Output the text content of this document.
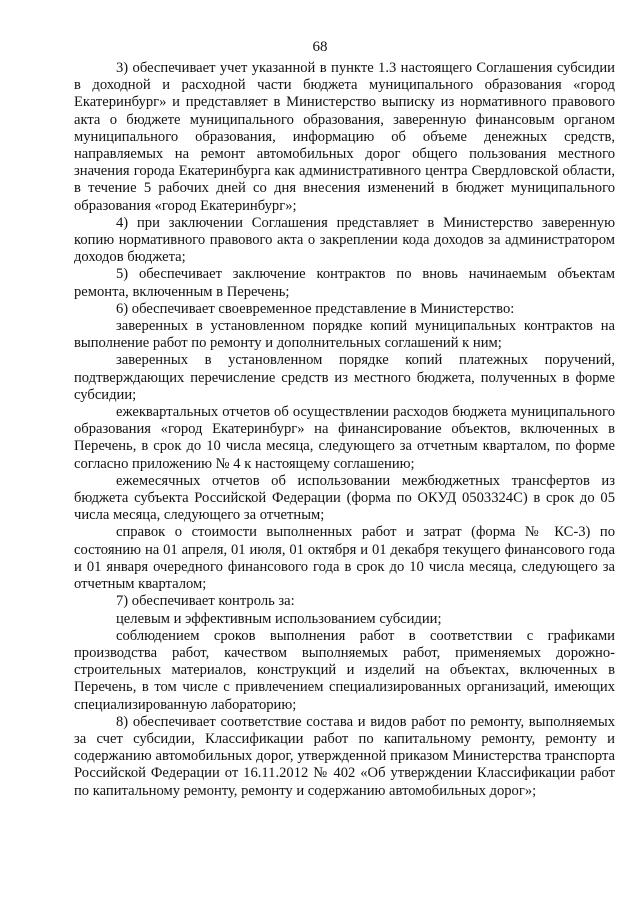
68

3) обеспечивает учет указанной в пункте 1.3 настоящего Соглашения субсидии в доходной и расходной части бюджета муниципального образования «город Екатеринбург» и представляет в Министерство выписку из нормативного правового акта о бюджете муниципального образования, заверенную финансовым органом муниципального образования, информацию об объеме денежных средств, направляемых на ремонт автомобильных дорог общего пользования местного значения города Екатеринбурга как административного центра Свердловской области, в течение 5 рабочих дней со дня внесения изменений в бюджет муниципального образования «город Екатеринбург»;

4) при заключении Соглашения представляет в Министерство заверенную копию нормативного правового акта о закреплении кода доходов за администратором доходов бюджета;

5) обеспечивает заключение контрактов по вновь начинаемым объектам ремонта, включенным в Перечень;

6) обеспечивает своевременное представление в Министерство:

заверенных в установленном порядке копий муниципальных контрактов на выполнение работ по ремонту и дополнительных соглашений к ним;

заверенных в установленном порядке копий платежных поручений, подтверждающих перечисление средств из местного бюджета, полученных в форме субсидии;

ежеквартальных отчетов об осуществлении расходов бюджета муниципального образования «город Екатеринбург» на финансирование объектов, включенных в Перечень, в срок до 10 числа месяца, следующего за отчетным кварталом, по форме согласно приложению № 4 к настоящему соглашению;

ежемесячных отчетов об использовании межбюджетных трансфертов из бюджета субъекта Российской Федерации (форма по ОКУД 0503324С) в срок до 05 числа месяца, следующего за отчетным;

справок о стоимости выполненных работ и затрат (форма № КС-3) по состоянию на 01 апреля, 01 июля, 01 октября и 01 декабря текущего финансового года и 01 января очередного финансового года в срок до 10 числа месяца, следующего за отчетным кварталом;

7) обеспечивает контроль за:

целевым и эффективным использованием субсидии;

соблюдением сроков выполнения работ в соответствии с графиками производства работ, качеством выполняемых работ, применяемых дорожно-строительных материалов, конструкций и изделий на объектах, включенных в Перечень, в том числе с привлечением специализированных организаций, имеющих специализированную лабораторию;

8) обеспечивает соответствие состава и видов работ по ремонту, выполняемых за счет субсидии, Классификации работ по капитальному ремонту, ремонту и содержанию автомобильных дорог, утвержденной приказом Министерства транспорта Российской Федерации от 16.11.2012 № 402 «Об утверждении Классификации работ по капитальному ремонту, ремонту и содержанию автомобильных дорог»;
